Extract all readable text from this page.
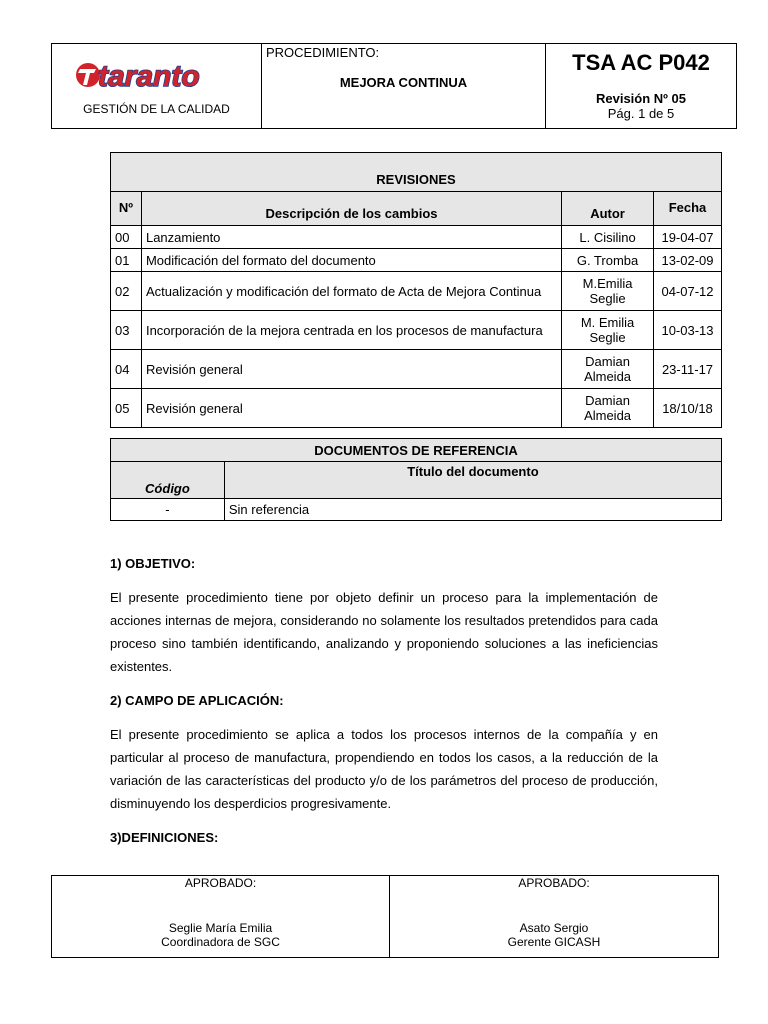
taranto
GESTIÓN DE LA CALIDAD
PROCEDIMIENTO:
MEJORA CONTINUA
TSA AC P042
Revisión Nº 05
Pág. 1 de 5
REVISIONES			
Nº	Descripción de los cambios	Autor	Fecha
00	Lanzamiento	L. Cisilino	19-04-07
01	Modificación del formato del documento	G. Tromba	13-02-09
02	Actualización y modificación del formato de Acta de Mejora Continua	M.Emilia Seglie	04-07-12
03	Incorporación de la mejora centrada en los procesos de manufactura	M. Emilia Seglie	10-03-13
04	Revisión general	Damian Almeida	23-11-17
05	Revisión general	Damian Almeida	18/10/18
DOCUMENTOS DE REFERENCIA	
Código	Título del documento
-	Sin referencia
1) OBJETIVO:
El presente procedimiento tiene por objeto definir un proceso para la implementación de acciones internas de mejora, considerando no solamente los resultados pretendidos para cada proceso sino también identificando, analizando y proponiendo soluciones a las ineficiencias existentes.
2) CAMPO DE APLICACIÓN:
El presente procedimiento se aplica a todos los procesos internos de la compañía y en particular al proceso de manufactura, propendiendo en todos los casos, a la reducción de la variación de las características del producto y/o de los parámetros del proceso de producción, disminuyendo los desperdicios progresivamente.
3)DEFINICIONES:
APROBADO:
Seglie María Emilia
Coordinadora de SGC
APROBADO:
Asato Sergio
Gerente GICASH
